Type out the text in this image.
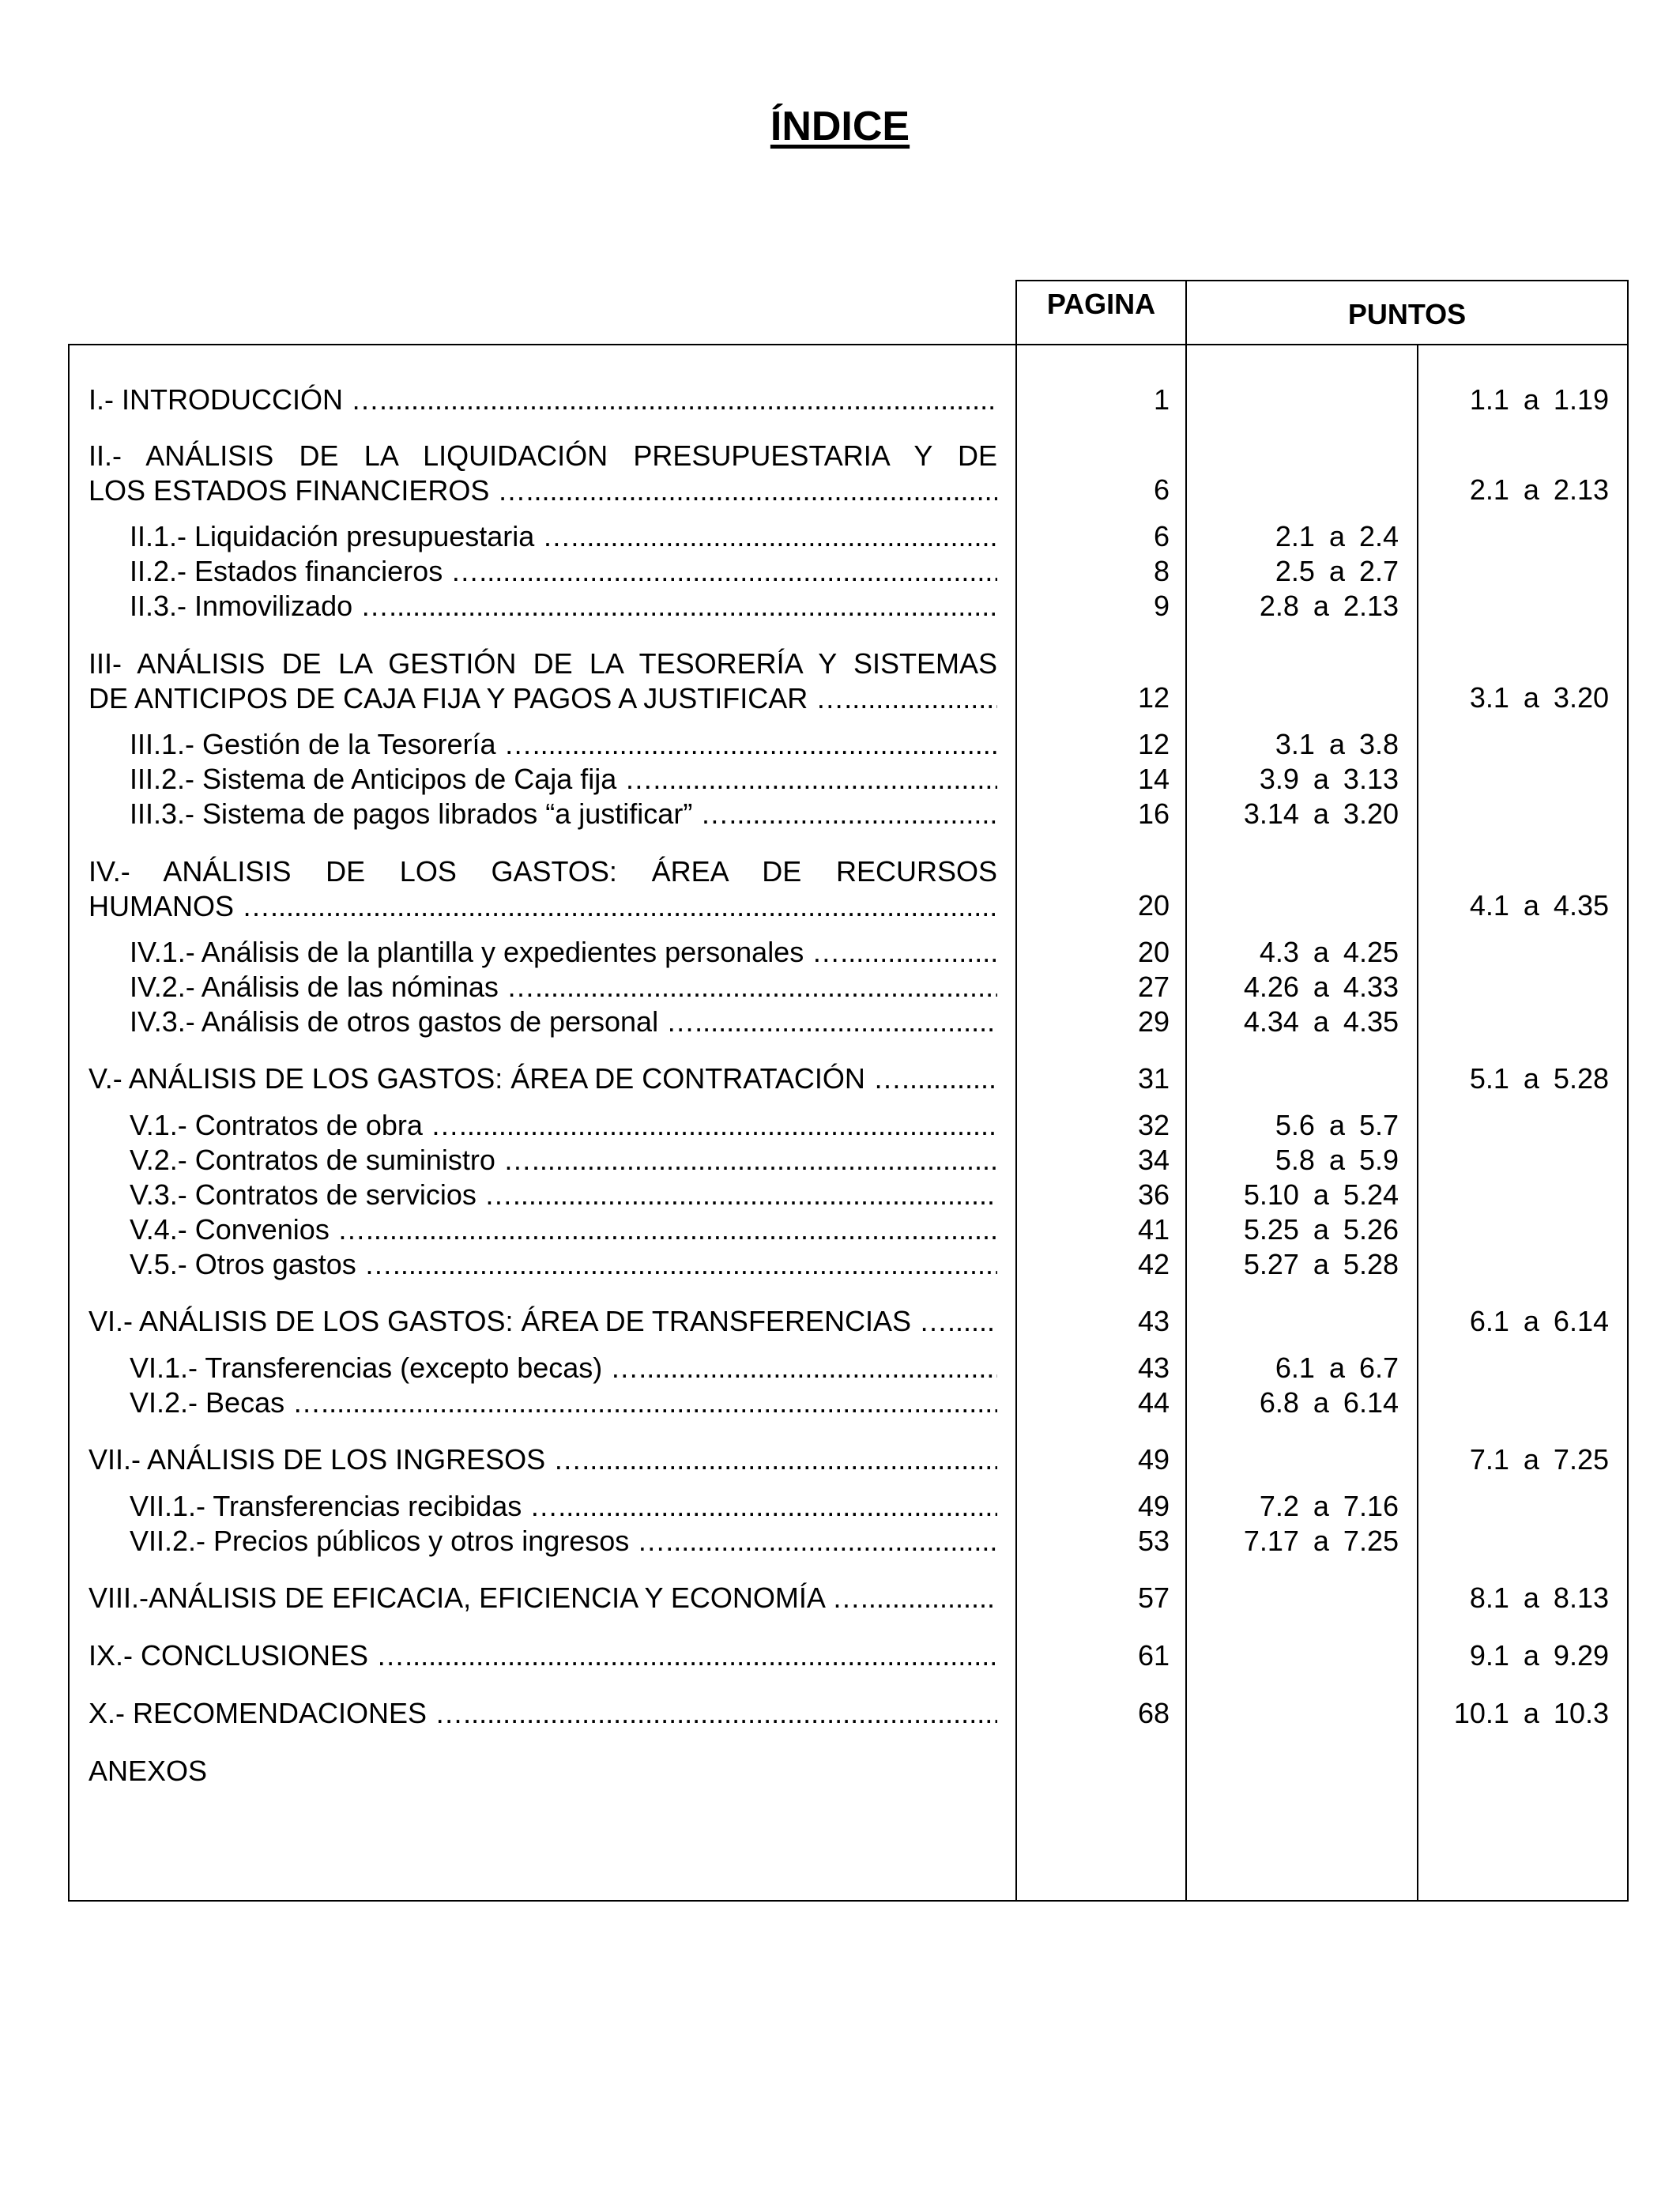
ÍNDICE
PAGINA	PUNTOS
I.- INTRODUCCIÓN …..............................................................................................................................................................................................................	1	1.1 a 1.19
II.- ANÁLISIS DE LA LIQUIDACIÓN PRESUPUESTARIA Y DE
LOS ESTADOS FINANCIEROS …..............................................................................................................................................................................................................	6	2.1 a 2.13
II.1.- Liquidación presupuestaria …..............................................................................................................................................................................................................	6	2.1 a 2.4
II.2.- Estados financieros …..............................................................................................................................................................................................................	8	2.5 a 2.7
II.3.- Inmovilizado …..............................................................................................................................................................................................................	9	2.8 a 2.13
III- ANÁLISIS DE LA GESTIÓN DE LA TESORERÍA Y SISTEMAS
DE ANTICIPOS DE CAJA FIJA Y PAGOS A JUSTIFICAR …..............................................................................................................................................................................................................	12	3.1 a 3.20
III.1.- Gestión de la Tesorería …..............................................................................................................................................................................................................	12	3.1 a 3.8
III.2.- Sistema de Anticipos de Caja fija …..............................................................................................................................................................................................................	14	3.9 a 3.13
III.3.- Sistema de pagos librados “a justificar” …..............................................................................................................................................................................................................	16	3.14 a 3.20
IV.- ANÁLISIS DE LOS GASTOS: ÁREA DE RECURSOS
HUMANOS …..............................................................................................................................................................................................................	20	4.1 a 4.35
IV.1.- Análisis de la plantilla y expedientes personales …..............................................................................................................................................................................................................	20	4.3 a 4.25
IV.2.- Análisis de las nóminas …..............................................................................................................................................................................................................	27	4.26 a 4.33
IV.3.- Análisis de otros gastos de personal …..............................................................................................................................................................................................................	29	4.34 a 4.35
V.- ANÁLISIS DE LOS GASTOS: ÁREA DE CONTRATACIÓN …..............................................................................................................................................................................................................	31	5.1 a 5.28
V.1.- Contratos de obra …..............................................................................................................................................................................................................	32	5.6 a 5.7
V.2.- Contratos de suministro …..............................................................................................................................................................................................................	34	5.8 a 5.9
V.3.- Contratos de servicios …..............................................................................................................................................................................................................	36	5.10 a 5.24
V.4.- Convenios …..............................................................................................................................................................................................................	41	5.25 a 5.26
V.5.- Otros gastos …..............................................................................................................................................................................................................	42	5.27 a 5.28
VI.- ANÁLISIS DE LOS GASTOS: ÁREA DE TRANSFERENCIAS …..............................................................................................................................................................................................................	43	6.1 a 6.14
VI.1.- Transferencias (excepto becas) …..............................................................................................................................................................................................................	43	6.1 a 6.7
VI.2.- Becas …..............................................................................................................................................................................................................	44	6.8 a 6.14
VII.- ANÁLISIS DE LOS INGRESOS …..............................................................................................................................................................................................................	49	7.1 a 7.25
VII.1.- Transferencias recibidas …..............................................................................................................................................................................................................	49	7.2 a 7.16
VII.2.- Precios públicos y otros ingresos …..............................................................................................................................................................................................................	53	7.17 a 7.25
VIII.-ANÁLISIS DE EFICACIA, EFICIENCIA Y ECONOMÍA …..............................................................................................................................................................................................................	57	8.1 a 8.13
IX.- CONCLUSIONES …..............................................................................................................................................................................................................	61	9.1 a 9.29
X.- RECOMENDACIONES …..............................................................................................................................................................................................................	68	10.1 a 10.3
ANEXOS
